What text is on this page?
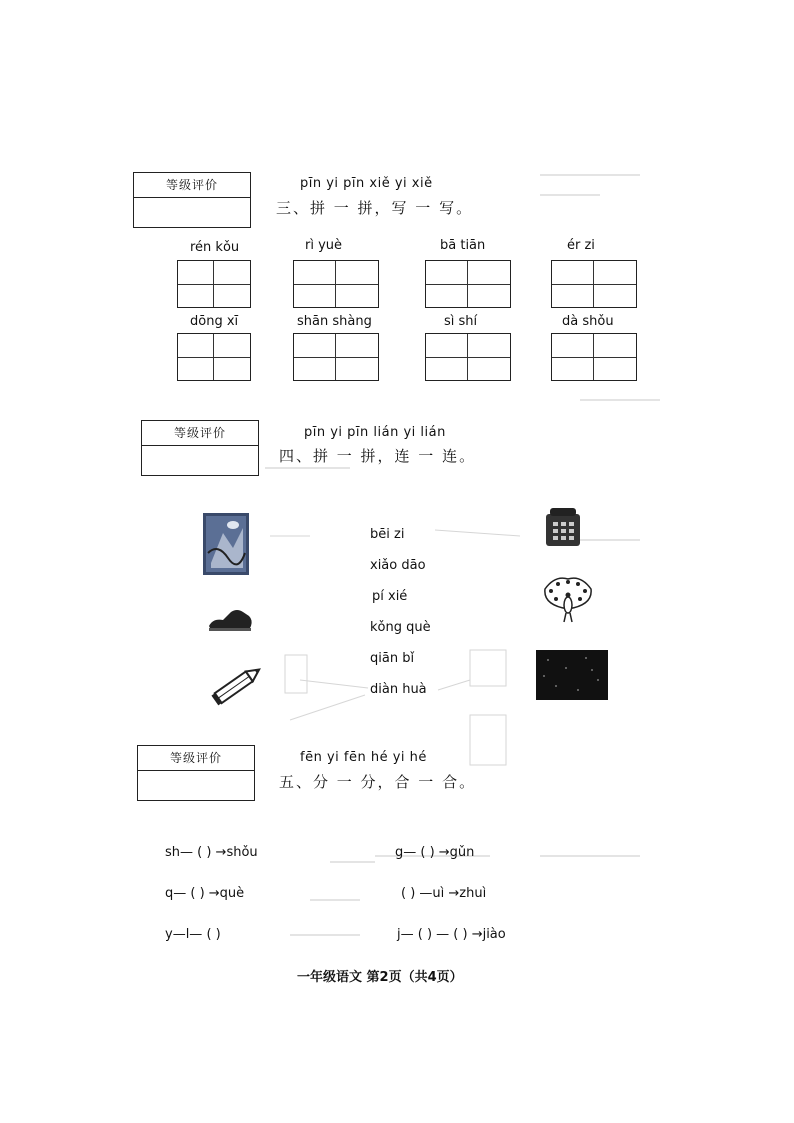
等级评价	pīn yi pīn xiě yi xiě
三、拼 一 拼，写 一 写。
rén kǒu	rì yuè	bā tiān	ér zi
dōng xī	shān shàng	sì shí	dà shǒu
等级评价	pīn yi pīn lián yi lián
四、拼 一 拼，连 一 连。
bēi zi
xiǎo dāo
pí xié
kǒng què
qiān bǐ
diàn huà
等级评价	fēn yi fēn hé yi hé
五、分 一 分，合 一 合。
sh— ( ) →shǒu	g— ( ) →gǔn
q— ( ) →què	( ) —uì →zhuì
y—l— ( )	j— ( ) — ( ) →jiào
一年级语文 第2页（共4页）
